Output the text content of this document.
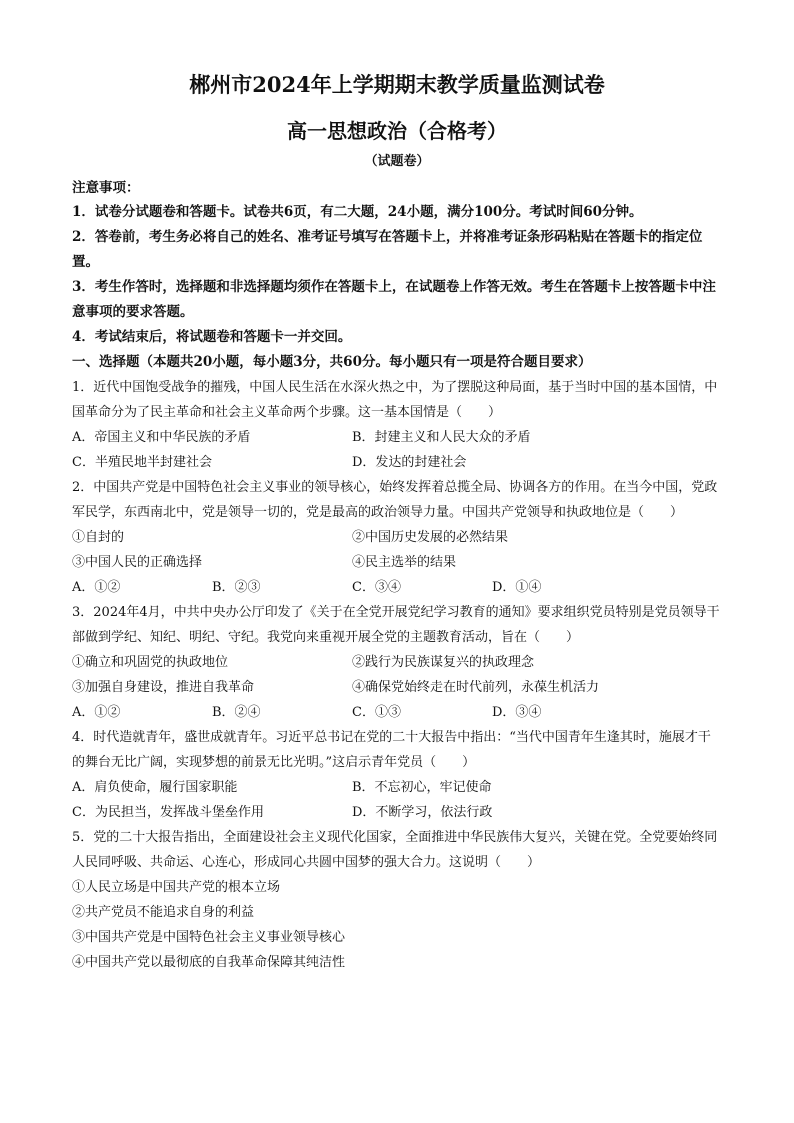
郴州市2024年上学期期末教学质量监测试卷
高一思想政治（合格考）
（试题卷）
注意事项：

1．试卷分试题卷和答题卡。试卷共6页，有二大题，24小题，满分100分。考试时间60分钟。

2．答卷前，考生务必将自己的姓名、准考证号填写在答题卡上，并将准考证条形码粘贴在答题卡的指定位置。

3．考生作答时，选择题和非选择题均须作在答题卡上，在试题卷上作答无效。考生在答题卡上按答题卡中注意事项的要求答题。

4．考试结束后，将试题卷和答题卡一并交回。

一、选择题（本题共20小题，每小题3分，共60分。每小题只有一项是符合题目要求）

1．近代中国饱受战争的摧残，中国人民生活在水深火热之中，为了摆脱这种局面，基于当时中国的基本国情，中国革命分为了民主革命和社会主义革命两个步骤。这一基本国情是（　　）

A．帝国主义和中华民族的矛盾	B．封建主义和人民大众的矛盾
C．半殖民地半封建社会	D．发达的封建社会

2．中国共产党是中国特色社会主义事业的领导核心，始终发挥着总揽全局、协调各方的作用。在当今中国，党政军民学，东西南北中，党是领导一切的，党是最高的政治领导力量。中国共产党领导和执政地位是（　　）

①自封的	②中国历史发展的必然结果
③中国人民的正确选择	④民主选举的结果
A．①②	B．②③	C．③④	D．①④

3．2024年4月，中共中央办公厅印发了《关于在全党开展党纪学习教育的通知》要求组织党员特别是党员领导干部做到学纪、知纪、明纪、守纪。我党向来重视开展全党的主题教育活动，旨在（　　）

①确立和巩固党的执政地位	②践行为民族谋复兴的执政理念
③加强自身建设，推进自我革命	④确保党始终走在时代前列，永葆生机活力
A．①②	B．②④	C．①③	D．③④

4．时代造就青年，盛世成就青年。习近平总书记在党的二十大报告中指出：“当代中国青年生逢其时，施展才干的舞台无比广阔，实现梦想的前景无比光明。”这启示青年党员（　　）

A．肩负使命，履行国家职能	B．不忘初心，牢记使命
C．为民担当，发挥战斗堡垒作用	D．不断学习，依法行政

5．党的二十大报告指出，全面建设社会主义现代化国家，全面推进中华民族伟大复兴，关键在党。全党要始终同人民同呼吸、共命运、心连心，形成同心共圆中国梦的强大合力。这说明（　　）

①人民立场是中国共产党的根本立场
②共产党员不能追求自身的利益
③中国共产党是中国特色社会主义事业领导核心
④中国共产党以最彻底的自我革命保障其纯洁性
